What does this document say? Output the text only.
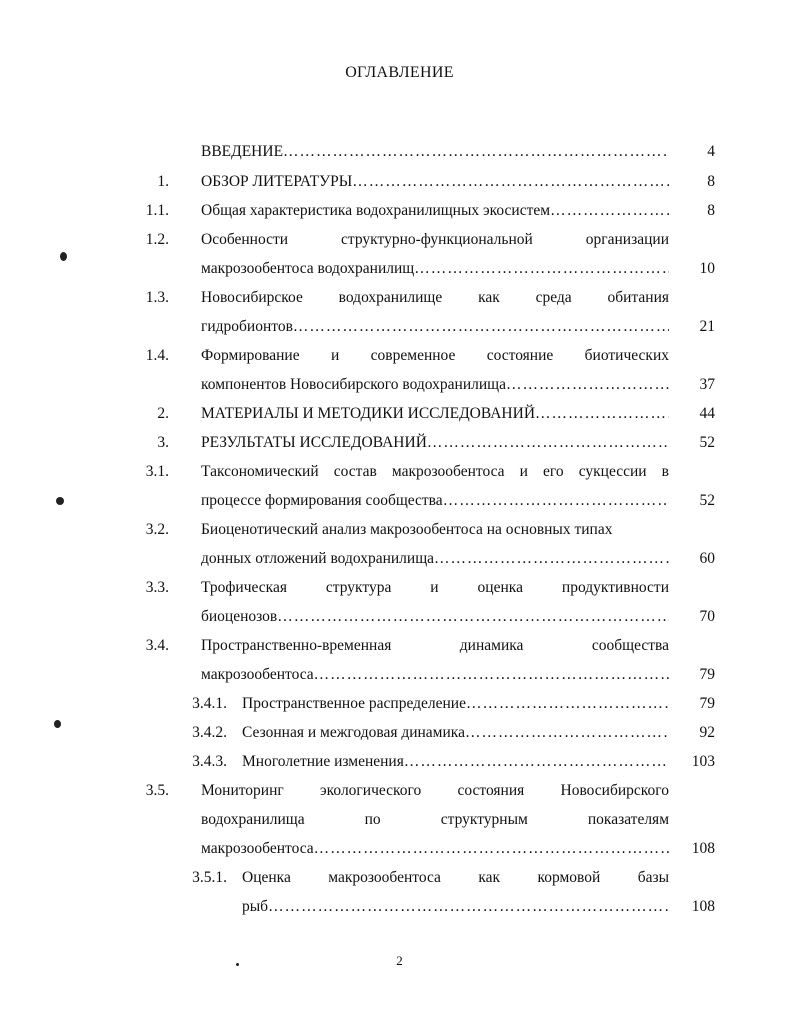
ОГЛАВЛЕНИЕ
ВВЕДЕНИЕ …………………………………………………………………………………………………………………………………………………………	4
1. ОБЗОР ЛИТЕРАТУРЫ …………………………………………………………………………………………………………………………………………………………	8
1.1. Общая характеристика водохранилищных экосистем …………………………………………………………………………………………………………………………………………………………	8
1.2. Особенности структурно-функциональной организации
макрозообентоса водохранилищ …………………………………………………………………………………………………………………………………………………………	10
1.3. Новосибирское водохранилище как среда обитания
гидробионтов …………………………………………………………………………………………………………………………………………………………	21
1.4. Формирование и современное состояние биотических
компонентов Новосибирского водохранилища …………………………………………………………………………………………………………………………………………………………	37
2. МАТЕРИАЛЫ И МЕТОДИКИ ИССЛЕДОВАНИЙ …………………………………………………………………………………………………………………………………………………………	44
3. РЕЗУЛЬТАТЫ ИССЛЕДОВАНИЙ …………………………………………………………………………………………………………………………………………………………	52
3.1. Таксономический состав макрозообентоса и его сукцессии в
процессе формирования сообщества …………………………………………………………………………………………………………………………………………………………	52
3.2. Биоценотический анализ макрозообентоса на основных типах
донных отложений водохранилища …………………………………………………………………………………………………………………………………………………………	60
3.3. Трофическая структура и оценка продуктивности
биоценозов …………………………………………………………………………………………………………………………………………………………	70
3.4. Пространственно-временная динамика сообщества
макрозообентоса …………………………………………………………………………………………………………………………………………………………	79
3.4.1. Пространственное распределение …………………………………………………………………………………………………………………………………………………………	79
3.4.2. Сезонная и межгодовая динамика …………………………………………………………………………………………………………………………………………………………	92
3.4.3. Многолетние изменения …………………………………………………………………………………………………………………………………………………………	103
3.5. Мониторинг экологического состояния Новосибирского
водохранилища по структурным показателям
макрозообентоса …………………………………………………………………………………………………………………………………………………………	108
3.5.1. Оценка макрозообентоса как кормовой базы
рыб …………………………………………………………………………………………………………………………………………………………	108
2
